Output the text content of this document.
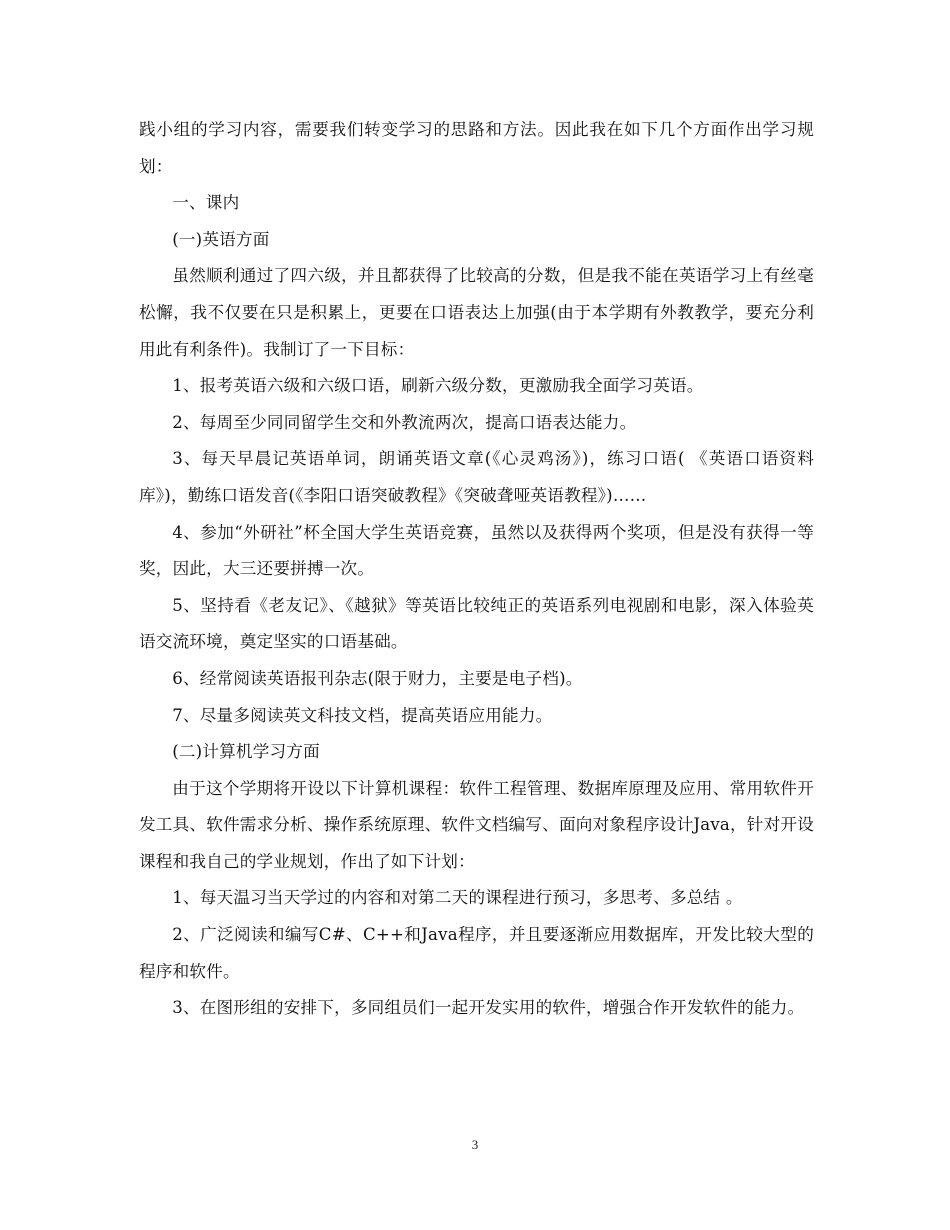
践小组的学习内容，需要我们转变学习的思路和方法。因此我在如下几个方面作出学习规划：

一、课内

(一)英语方面

虽然顺利通过了四六级，并且都获得了比较高的分数，但是我不能在英语学习上有丝毫松懈，我不仅要在只是积累上，更要在口语表达上加强(由于本学期有外教教学，要充分利用此有利条件)。我制订了一下目标：

1、报考英语六级和六级口语，刷新六级分数，更激励我全面学习英语。

2、每周至少同同留学生交和外教流两次，提高口语表达能力。

3、每天早晨记英语单词，朗诵英语文章(《心灵鸡汤》)，练习口语( 《英语口语资料库》)，勤练口语发音(《李阳口语突破教程》《突破聋哑英语教程》)……

4、参加“外研社”杯全国大学生英语竞赛，虽然以及获得两个奖项，但是没有获得一等奖，因此，大三还要拼搏一次。

5、坚持看《老友记》、《越狱》等英语比较纯正的英语系列电视剧和电影，深入体验英语交流环境，奠定坚实的口语基础。

6、经常阅读英语报刊杂志(限于财力，主要是电子档)。

7、尽量多阅读英文科技文档，提高英语应用能力。

(二)计算机学习方面

由于这个学期将开设以下计算机课程：软件工程管理、数据库原理及应用、常用软件开发工具、软件需求分析、操作系统原理、软件文档编写、面向对象程序设计Java，针对开设课程和我自己的学业规划，作出了如下计划：

1、每天温习当天学过的内容和对第二天的课程进行预习，多思考、多总结 。

2、广泛阅读和编写C#、C++和Java程序，并且要逐渐应用数据库，开发比较大型的程序和软件。

3、在图形组的安排下，多同组员们一起开发实用的软件，增强合作开发软件的能力。

3
